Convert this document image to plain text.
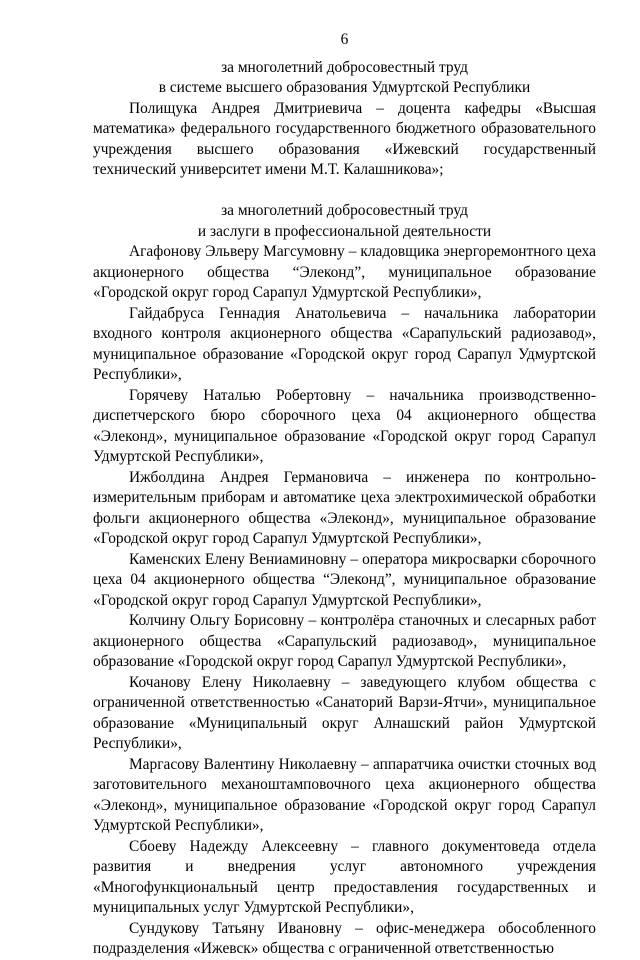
6
за многолетний добросовестный труд
в системе высшего образования Удмуртской Республики

Полищука Андрея Дмитриевича – доцента кафедры «Высшая математика» федерального государственного бюджетного образовательного учреждения высшего образования «Ижевский государственный технический университет имени М.Т. Калашникова»;

за многолетний добросовестный труд
и заслуги в профессиональной деятельности

Агафонову Эльверу Магсумовну – кладовщика энергоремонтного цеха акционерного общества “Элеконд”, муниципальное образование «Городской округ город Сарапул Удмуртской Республики»,

Гайдабруса Геннадия Анатольевича – начальника лаборатории входного контроля акционерного общества «Сарапульский радиозавод», муниципальное образование «Городской округ город Сарапул Удмуртской Республики»,

Горячеву Наталью Робертовну – начальника производственно-диспетчерского бюро сборочного цеха 04 акционерного общества «Элеконд», муниципальное образование «Городской округ город Сарапул Удмуртской Республики»,

Ижболдина Андрея Германовича – инженера по контрольно-измерительным приборам и автоматике цеха электрохимической обработки фольги акционерного общества «Элеконд», муниципальное образование «Городской округ город Сарапул Удмуртской Республики»,

Каменских Елену Вениаминовну – оператора микросварки сборочного цеха 04 акционерного общества “Элеконд”, муниципальное образование «Городской округ город Сарапул Удмуртской Республики»,

Колчину Ольгу Борисовну – контролёра станочных и слесарных работ акционерного общества «Сарапульский радиозавод», муниципальное образование «Городской округ город Сарапул Удмуртской Республики»,

Кочанову Елену Николаевну – заведующего клубом общества с ограниченной ответственностью «Санаторий Варзи-Ятчи», муниципальное образование «Муниципальный округ Алнашский район Удмуртской Республики»,

Маргасову Валентину Николаевну – аппаратчика очистки сточных вод заготовительного механоштамповочного цеха акционерного общества «Элеконд», муниципальное образование «Городской округ город Сарапул Удмуртской Республики»,

Сбоеву Надежду Алексеевну – главного документоведа отдела развития и внедрения услуг автономного учреждения «Многофункциональный центр предоставления государственных и муниципальных услуг Удмуртской Республики»,

Сундукову Татьяну Ивановну – офис-менеджера обособленного подразделения «Ижевск» общества с ограниченной ответственностью
